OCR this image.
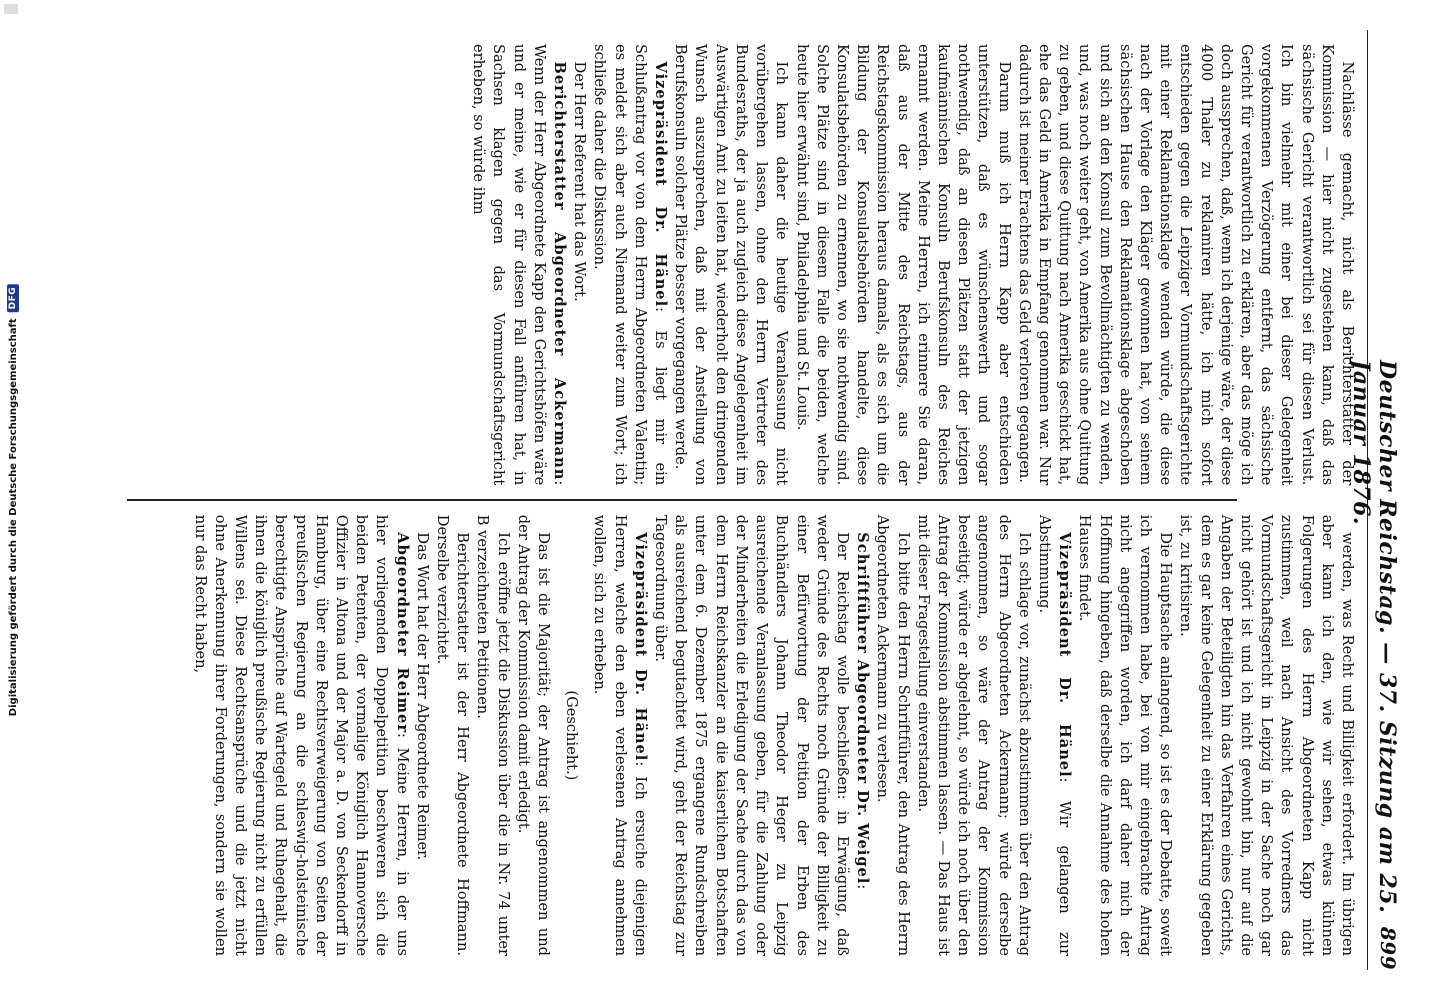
Digitalisierung gefördert durch die Deutsche Forschungsgemeinschaft
DFG
Deutscher Reichstag. — 37. Sitzung am 25. Januar 1876.
899

Nachlässe gemacht, nicht als Berichterstatter der Kommission — hier nicht zugestehen kann, daß das sächsische Gericht verantwortlich sei für diesen Verlust. Ich bin vielmehr mit einer bei dieser Gelegenheit vorgekommenen Verzögerung entfernt, das sächsische Gericht für verantwortlich zu erklären, aber das möge ich doch aussprechen, daß, wenn ich derjenige wäre, der diese 4000 Thaler zu reklamiren hätte, ich mich sofort entschieden gegen die Leipziger Vormundschaftsgerichte mit einer Reklamationsklage wenden würde, die diese nach der Vorlage den Kläger gewonnen hat, von seinem sächsischen Hause den Reklamationsklage abgeschoben und sich an den Konsul zum Bevollmächtigten zu wenden, und, was noch weiter geht, von Amerika aus ohne Quittung zu geben, und diese Quittung nach Amerika geschickt hat, ehe das Geld in Amerika in Empfang genommen war. Nur dadurch ist meiner Erachtens das Geld verloren gegangen.

Darum muß ich Herrn Kapp aber entschieden unterstützen, daß es wünschenswerth und sogar nothwendig, daß an diesen Plätzen statt der jetzigen kaufmännischen Konsuln Berufskonsuln des Reiches ernannt werden. Meine Herren, ich erinnere Sie daran, daß aus der Mitte des Reichstags, aus der Reichstagskommission heraus damals, als es sich um die Bildung der Konsulatsbehörden handelte, diese Konsulatsbehörden zu ernennen, wo sie nothwendig sind. Solche Plätze sind in diesem Falle die beiden, welche heute hier erwähnt sind, Philadelphia und St. Louis.

Ich kann daher die heutige Veranlassung nicht vorübergehen lassen, ohne den Herrn Vertreter des Bundesraths, der ja auch zugleich diese Angelegenheit im Auswärtigen Amt zu leiten hat, wiederholt den dringenden Wunsch auszusprechen, daß mit der Anstellung von Berufskonsuln solcher Plätze besser vorgegangen werde.

Vizepräsident Dr. Hänel: Es liegt mir ein Schlußantrag vor von dem Herrn Abgeordneten Valentin; es meldet sich aber auch Niemand weiter zum Wort; ich schließe daher die Diskussion.

Der Herr Referent hat das Wort.

Berichterstatter Abgeordneter Ackermann: Wenn der Herr Abgeordnete Kapp den Gerichtshöfen wäre und er meine, wie er für diesen Fall anführen hat, in Sachsen klagen gegen das Vormundschaftsgericht erheben, so würde ihm

werden, was Recht und Billigkeit erfordert. Im übrigen aber kann ich den, wie wir sehen, etwas kühnen Folgerungen des Herrn Abgeordneten Kapp nicht zustimmen, weil nach Ansicht des Vorredners das Vormundschaftsgericht in Leipzig in der Sache noch gar nicht gehört ist und ich nicht gewohnt bin, nur auf die Angaben der Beteiligten hin das Verfahren eines Gerichts, dem es gar keine Gelegenheit zu einer Erklärung gegeben ist, zu kritisiren.

Die Hauptsache anlangend, so ist es der Debatte, soweit ich vernommen habe, bei von mir eingebrachte Antrag nicht angegriffen worden, ich darf daher mich der Hoffnung hingeben, daß derselbe die Annahme des hohen Hauses findet.

Vizepräsident Dr. Hänel: Wir gelangen zur Abstimmung.

Ich schlage vor, zunächst abzustimmen über den Antrag des Herrn Abgeordneten Ackermann; würde derselbe angenommen, so wäre der Antrag der Kommission beseitigt; würde er abgelehnt, so würde ich noch über den Antrag der Kommission abstimmen lassen. — Das Haus ist mit dieser Fragestellung einverstanden.

Ich bitte den Herrn Schriftführer, den Antrag des Herrn Abgeordneten Ackermann zu verlesen.

Schriftführer Abgeordneter Dr. Weigel:

Der Reichstag wolle beschließen: in Erwägung, daß weder Gründe des Rechts noch Gründe der Billigkeit zu einer Befürwortung der Petition der Erben des Buchhändlers Johann Theodor Heger zu Leipzig ausreichende Veranlassung geben, für die Zahlung oder der Minderheiten die Erledigung der Sache durch das von dem Herrn Reichskanzler an die kaiserlichen Botschaften unter dem 6. Dezember 1875 ergangene Rundschreiben als ausreichend begutachtet wird, geht der Reichstag zur Tagesordnung über.

Vizepräsident Dr. Hänel: Ich ersuche diejenigen Herren, welche den eben verlesenen Antrag annehmen wollen, sich zu erheben.

(Geschieht.)

Das ist die Majorität; der Antrag ist angenommen und der Antrag der Kommission damit erledigt.

Ich eröffne jetzt die Diskussion über die in Nr. 74 unter B verzeichneten Petitionen.

Berichterstatter ist der Herr Abgeordnete Hoffmann. Derselbe verzichtet.

Das Wort hat der Herr Abgeordnete Reimer.

Abgeordneter Reimer: Meine Herren, in der uns hier vorliegenden Doppelpetition beschweren sich die beiden Petenten, der vormalige Königlich Hannoversche Offizier in Altona und der Major a. D. von Seckendorff in Hamburg, über eine Rechtsverweigerung von Seiten der preußischen Regierung an die schleswig-holsteinische berechtigte Ansprüche auf Wartegeld und Ruhegehalt, die ihnen die königlich preußische Regierung nicht zu erfüllen Willens sei. Diese Rechtsansprüche und die jetzt nicht ohne Anerkennung ihrer Forderungen, sondern sie wollen nur das Recht haben,
